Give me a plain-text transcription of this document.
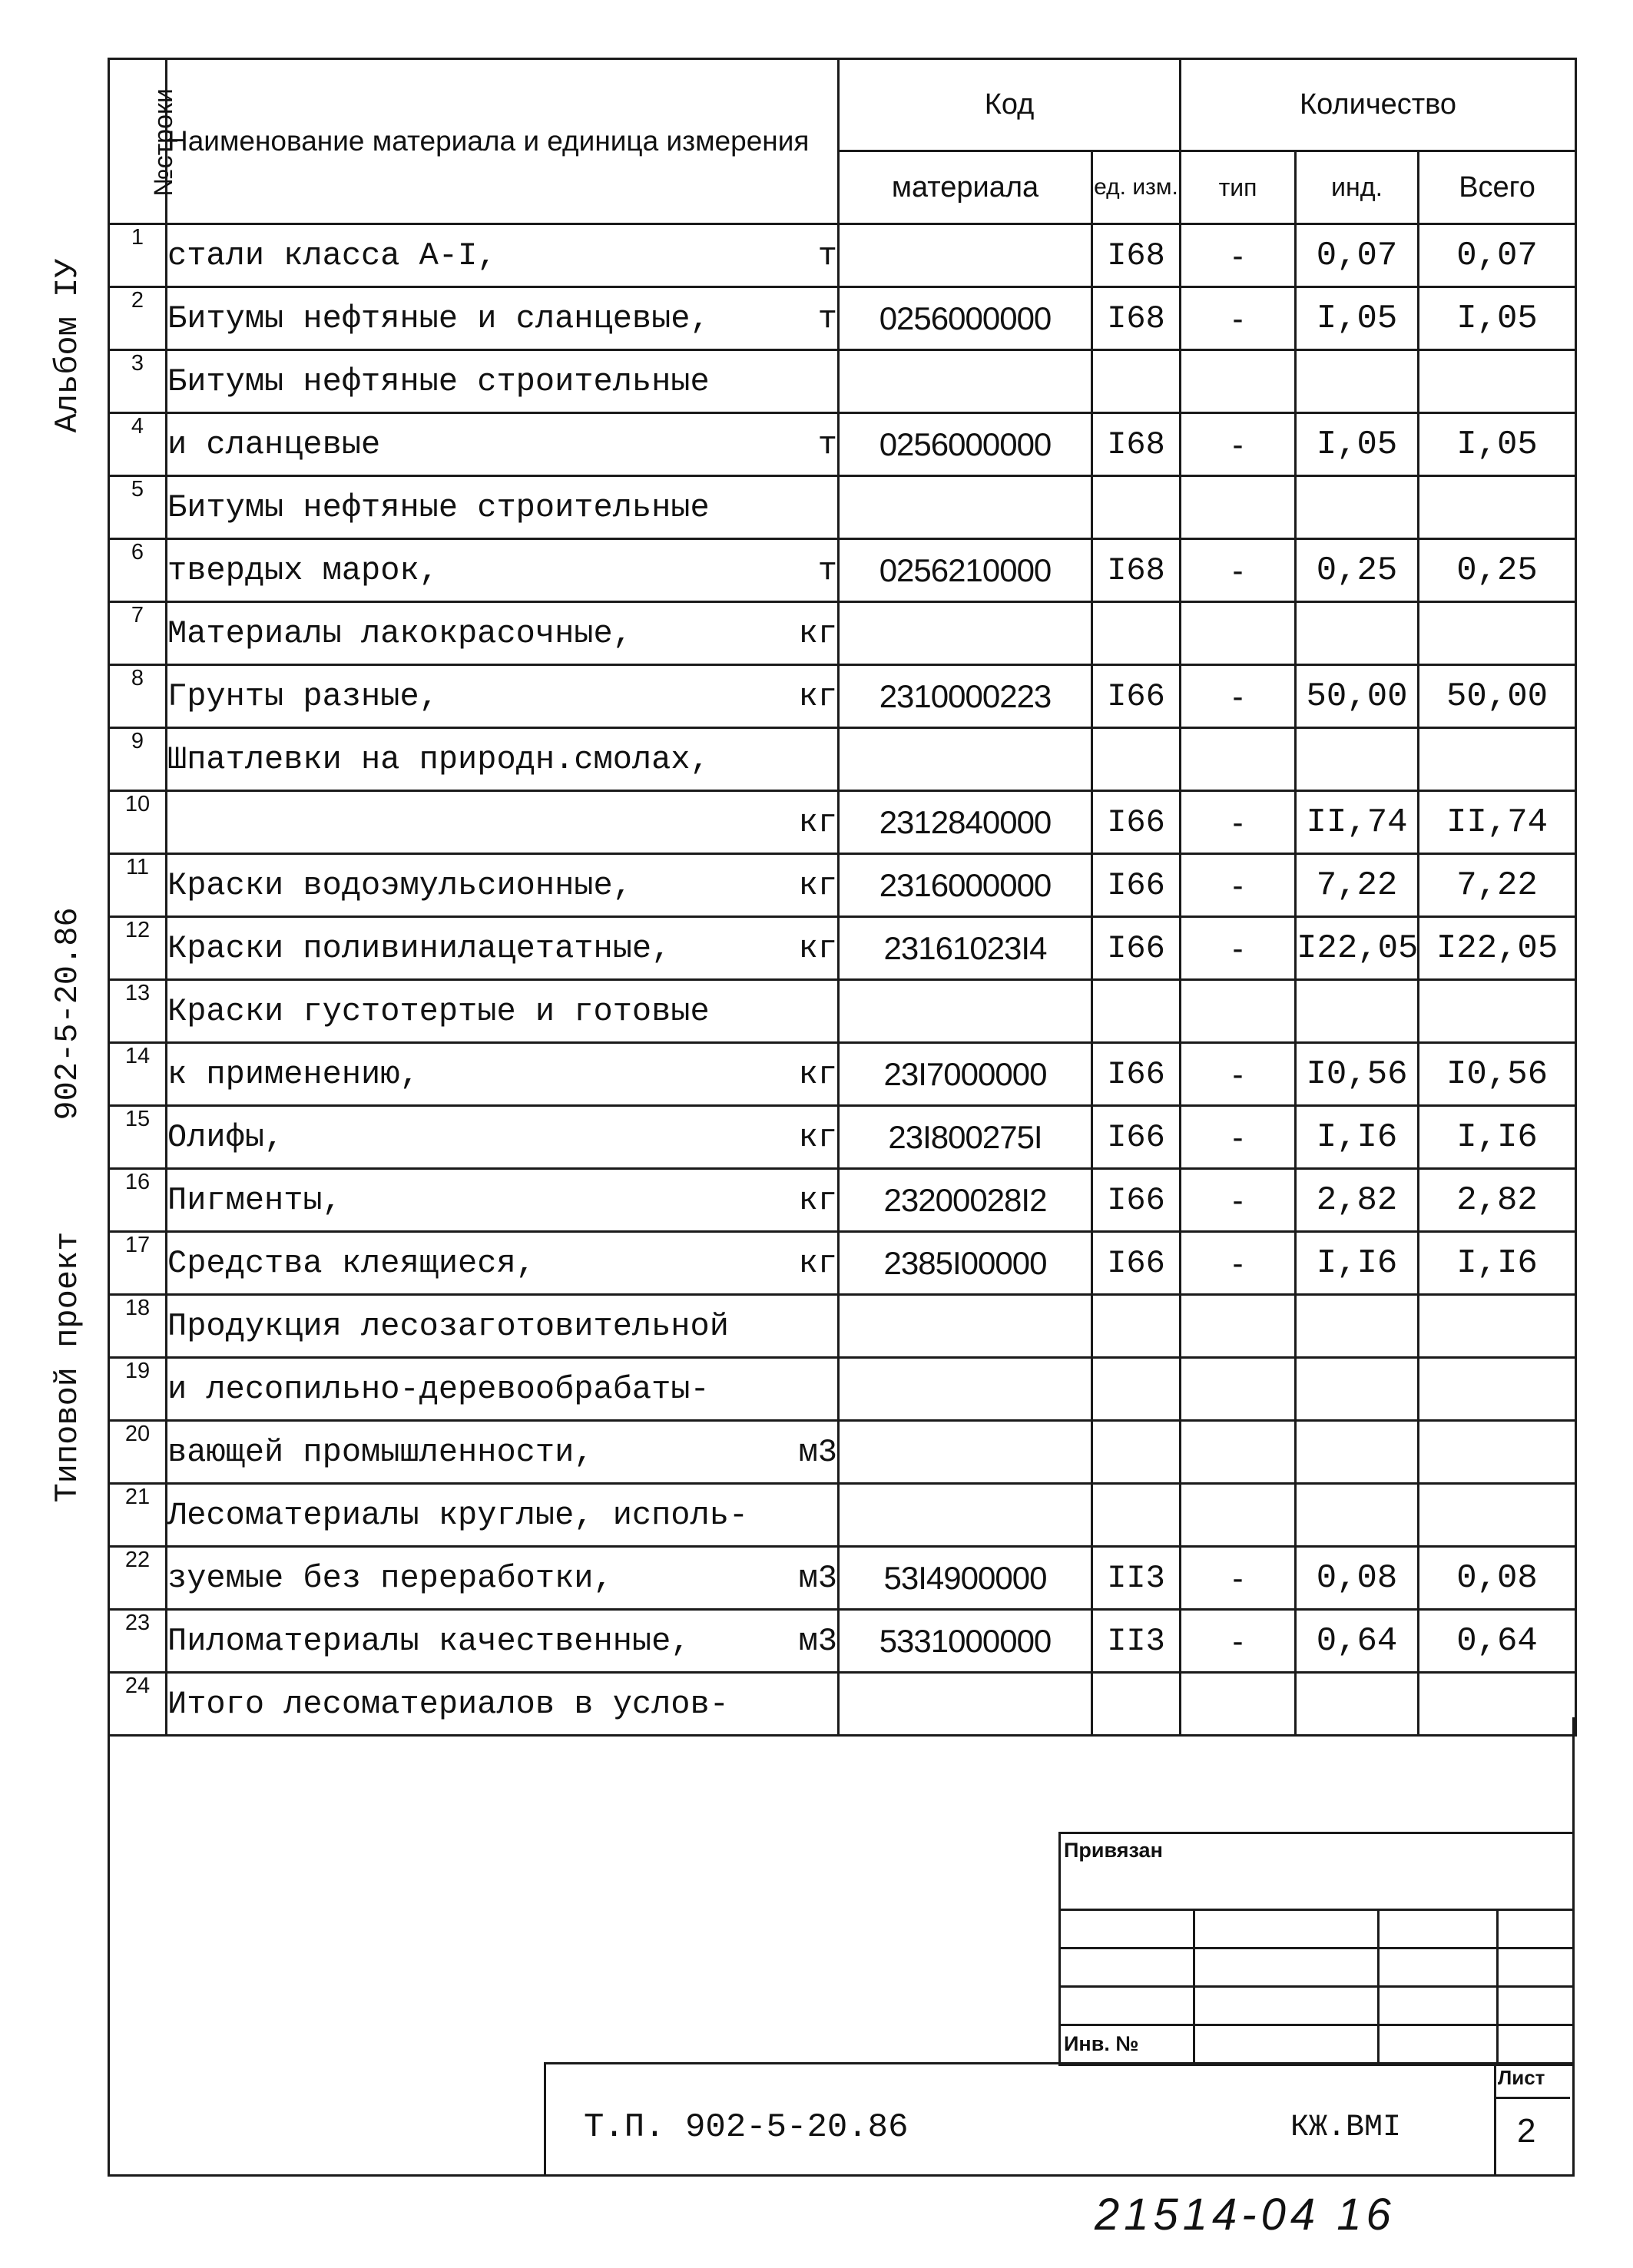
Альбом IУ
902-5-20.86
Типовой проект
№строки	Наименование материала и единица измерения	Код		Количество		
		материала	ед. изм.	тип	инд.	Всего
1	стали класса А-I, т		I68	-	0,07	0,07
2	Битумы нефтяные и сланцевые, т	0256000000	I68	-	I,05	I,05
3	Битумы нефтяные строительные					

4	и сланцевые т	0256000000	I68	-	I,05	I,05
5	Битумы нефтяные строительные					

6	твердых марок, т	0256210000	I68	-	0,25	0,25
7	Материалы лакокрасочные, кг					

8	Грунты разные, кг	2310000223	I66	-	50,00	50,00
9	Шпатлевки на природн.смолах,					

10	кг	2312840000	I66	-	II,74	II,74
11	Краски водоэмульсионные, кг	2316000000	I66	-	7,22	7,22
12	Краски поливинилацетатные, кг	23161023I4	I66	-	I22,05	I22,05
13	Краски густотертые и готовые					

14	к применению, кг	23I7000000	I66	-	I0,56	I0,56
15	Олифы, кг	23I800275I	I66	-	I,I6	I,I6
16	Пигменты, кг	23200028I2	I66	-	2,82	2,82
17	Средства клеящиеся, кг	2385I00000	I66	-	I,I6	I,I6
18	Продукция лесозаготовительной					

19	и лесопильно-деревообрабаты-					

20	вающей промышленности, м3					

21	Лесоматериалы круглые, исполь-					

22	зуемые без переработки, м3	53I4900000	II3	-	0,08	0,08
23	Пиломатериалы качественные, м3	5331000000	II3	-	0,64	0,64
24	Итого лесоматериалов в услов-					

Привязан			

Инв. №			
Т.П. 902-5-20.86	КЖ.ВМI
Лист
2
21514-04 16
